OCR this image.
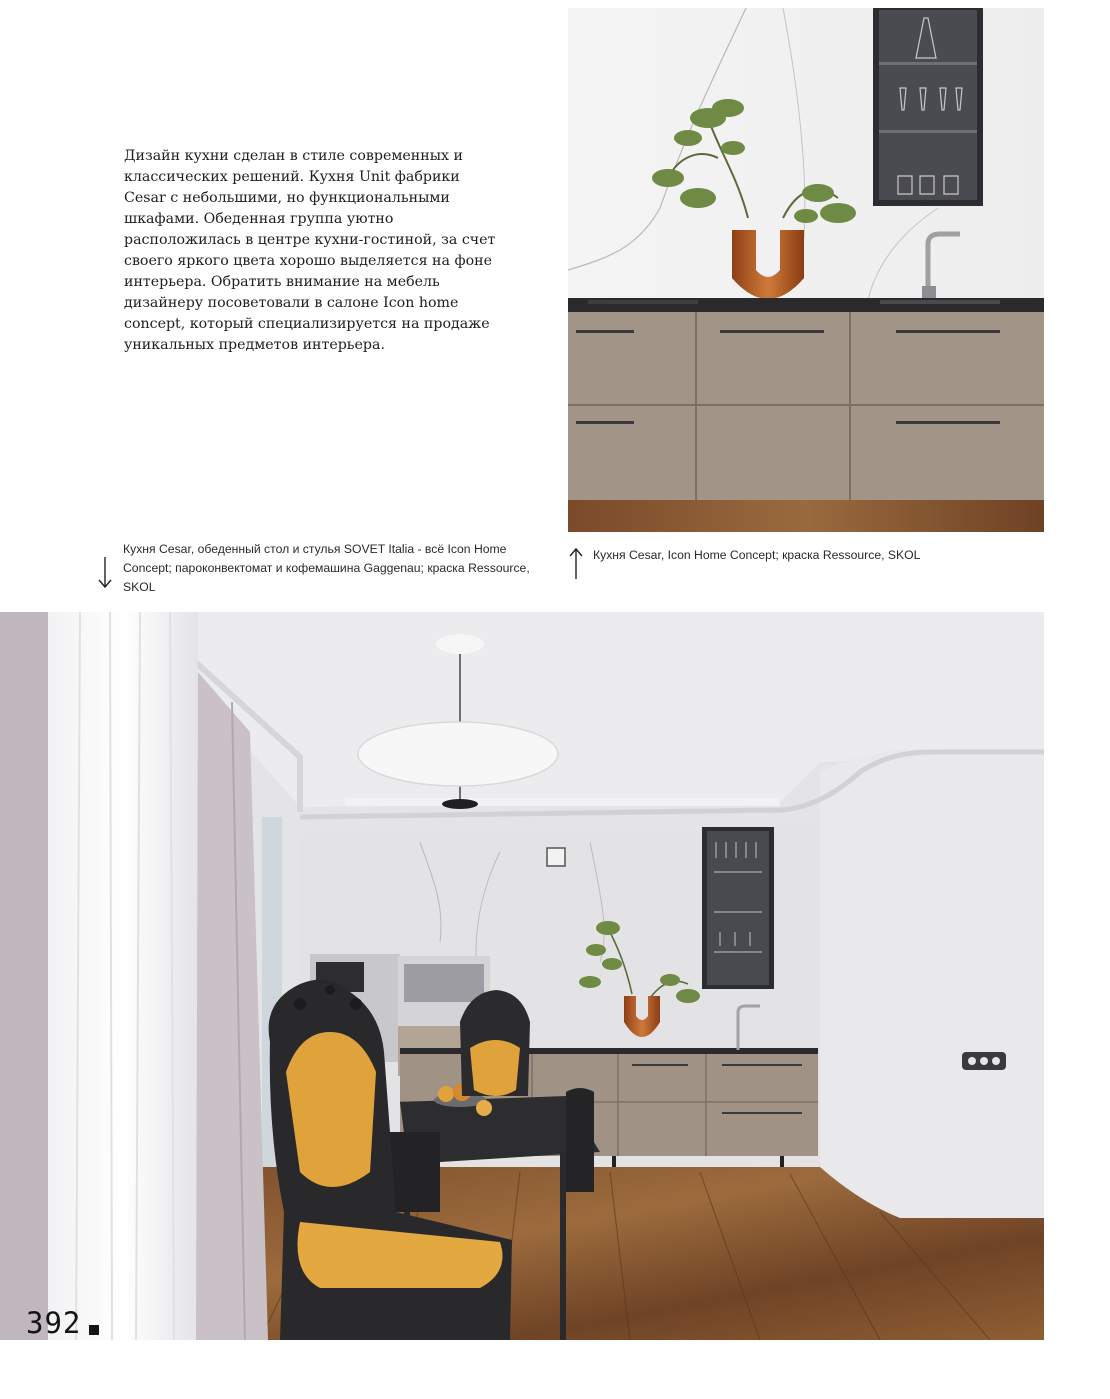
Дизайн кухни сделан в стиле современных и классических решений. Кухня Unit фабрики Cesar с небольшими, но функциональными шкафами. Обеденная группа уютно расположилась в центре кухни-гостиной, за счет своего яркого цвета хорошо выделяется на фоне интерьера. Обратить внимание на мебель дизайнеру посоветовали в салоне Icon home concept, который специализируется на продаже уникальных предметов интерьера.

Кухня Cesar, обеденный стол и стулья SOVET Italia - всё Icon Home Concept; пароконвектомат и кофемашина Gaggenau; краска Ressource, SKOL

Кухня Cesar, Icon Home Concept; краска Ressource, SKOL

392
